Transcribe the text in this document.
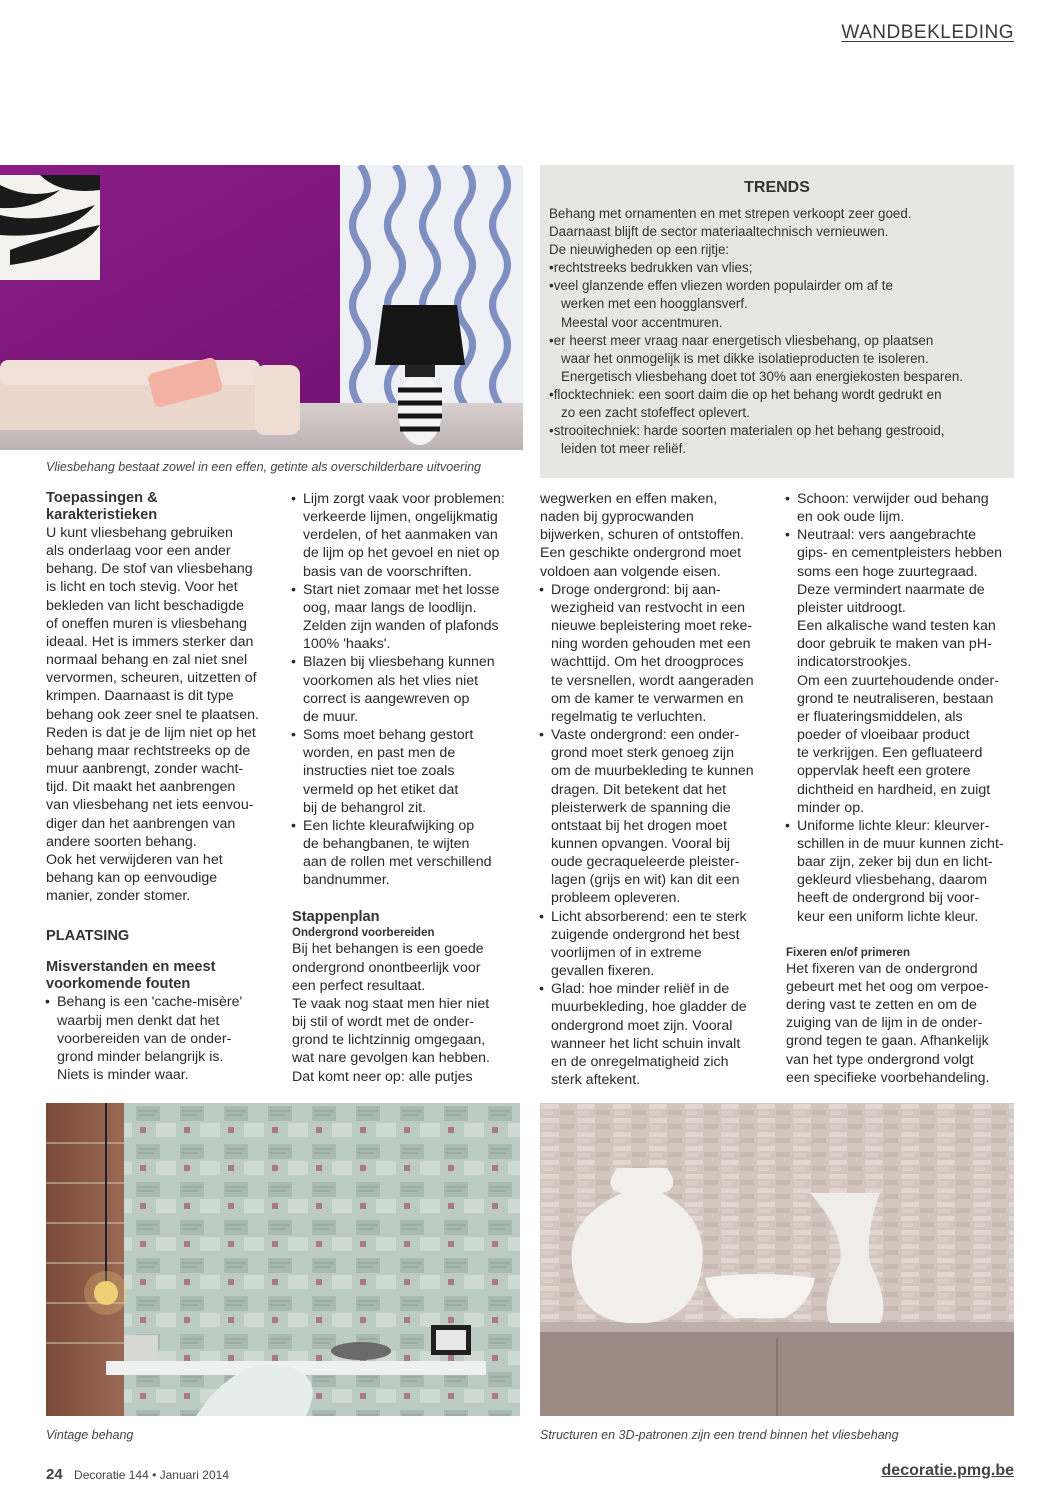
WANDBEKLEDING
Vliesbehang bestaat zowel in een effen, getinte als overschilderbare uitvoering
TRENDS
Behang met ornamenten en met strepen verkoopt zeer goed.
Daarnaast blijft de sector materiaaltechnisch vernieuwen.
De nieuwigheden op een rijtje:
•rechtstreeks bedrukken van vlies;
•veel glanzende effen vliezen worden populairder om af te
werken met een hoogglansverf.
Meestal voor accentmuren.
•er heerst meer vraag naar energetisch vliesbehang, op plaatsen
waar het onmogelijk is met dikke isolatieproducten te isoleren.
Energetisch vliesbehang doet tot 30% aan energiekosten besparen.
•flocktechniek: een soort daim die op het behang wordt gedrukt en
zo een zacht stofeffect oplevert.
•strooitechniek: harde soorten materialen op het behang gestrooid,
leiden tot meer reliëf.
Toepassingen &
karakteristieken

U kunt vliesbehang gebruiken
als onderlaag voor een ander
behang. De stof van vliesbehang
is licht en toch stevig. Voor het
bekleden van licht beschadigde
of oneffen muren is vliesbehang
ideaal. Het is immers sterker dan
normaal behang en zal niet snel
vervormen, scheuren, uitzetten of
krimpen. Daarnaast is dit type
behang ook zeer snel te plaatsen.
Reden is dat je de lijm niet op het
behang maar rechtstreeks op de
muur aanbrengt, zonder wacht-
tijd. Dit maakt het aanbrengen
van vliesbehang net iets eenvou-
diger dan het aanbrengen van
andere soorten behang.

Ook het verwijderen van het
behang kan op eenvoudige
manier, zonder stomer.

PLAATSING
Misverstanden en meest
voorkomende fouten
• Behang is een 'cache-misère'
waarbij men denkt dat het
voorbereiden van de onder-
grond minder belangrijk is.
Niets is minder waar.
• Lijm zorgt vaak voor problemen:
verkeerde lijmen, ongelijkmatig
verdelen, of het aanmaken van
de lijm op het gevoel en niet op
basis van de voorschriften.
• Start niet zomaar met het losse
oog, maar langs de loodlijn.
Zelden zijn wanden of plafonds
100% 'haaks'.
• Blazen bij vliesbehang kunnen
voorkomen als het vlies niet
correct is aangewreven op
de muur.
• Soms moet behang gestort
worden, en past men de
instructies niet toe zoals
vermeld op het etiket dat
bij de behangrol zit.
• Een lichte kleurafwijking op
de behangbanen, te wijten
aan de rollen met verschillend
bandnummer.
Stappenplan
Ondergrond voorbereiden

Bij het behangen is een goede
ondergrond onontbeerlijk voor
een perfect resultaat.

Te vaak nog staat men hier niet
bij stil of wordt met de onder-
grond te lichtzinnig omgegaan,
wat nare gevolgen kan hebben.
Dat komt neer op: alle putjes

wegwerken en effen maken,
naden bij gyprocwanden
bijwerken, schuren of ontstoffen.
Een geschikte ondergrond moet
voldoen aan volgende eisen.

• Droge ondergrond: bij aan-
wezigheid van restvocht in een
nieuwe bepleistering moet reke-
ning worden gehouden met een
wachttijd. Om het droogproces
te versnellen, wordt aangeraden
om de kamer te verwarmen en
regelmatig te verluchten.
• Vaste ondergrond: een onder-
grond moet sterk genoeg zijn
om de muurbekleding te kunnen
dragen. Dit betekent dat het
pleisterwerk de spanning die
ontstaat bij het drogen moet
kunnen opvangen. Vooral bij
oude gecraqueleerde pleister-
lagen (grijs en wit) kan dit een
probleem opleveren.
• Licht absorberend: een te sterk
zuigende ondergrond het best
voorlijmen of in extreme
gevallen fixeren.
• Glad: hoe minder reliëf in de
muurbekleding, hoe gladder de
ondergrond moet zijn. Vooral
wanneer het licht schuin invalt
en de onregelmatigheid zich
sterk aftekent.
• Schoon: verwijder oud behang
en ook oude lijm.
• Neutraal: vers aangebrachte
gips- en cementpleisters hebben
soms een hoge zuurtegraad.
Deze vermindert naarmate de
pleister uitdroogt.
Een alkalische wand testen kan
door gebruik te maken van pH-
indicatorstrookjes.
Om een zuurtehoudende onder-
grond te neutraliseren, bestaan
er fluateringsmiddelen, als
poeder of vloeibaar product
te verkrijgen. Een gefluateerd
oppervlak heeft een grotere
dichtheid en hardheid, en zuigt
minder op.
• Uniforme lichte kleur: kleurver-
schillen in de muur kunnen zicht-
baar zijn, zeker bij dun en licht-
gekleurd vliesbehang, daarom
heeft de ondergrond bij voor-
keur een uniform lichte kleur.
Fixeren en/of primeren

Het fixeren van de ondergrond
gebeurt met het oog om verpoe-
dering vast te zetten en om de
zuiging van de lijm in de onder-
grond tegen te gaan. Afhankelijk
van het type ondergrond volgt
een specifieke voorbehandeling.

Vintage behang	Structuren en 3D-patronen zijn een trend binnen het vliesbehang
24 Decoratie 144 • Januari 2014	decoratie.pmg.be
